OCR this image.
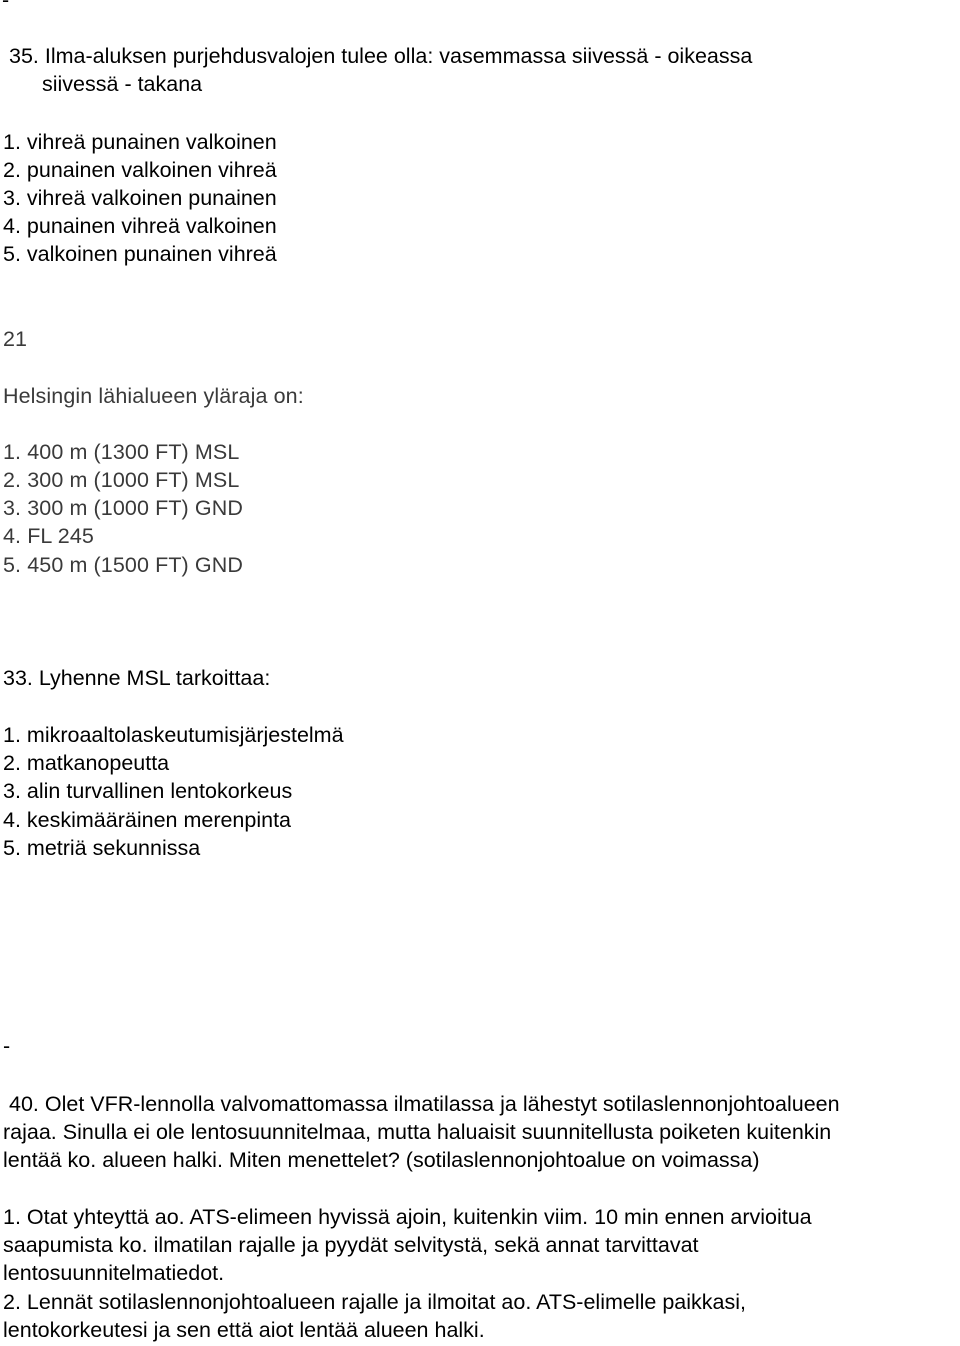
-
35. Ilma-aluksen purjehdusvalojen tulee olla: vasemmassa siivessä - oikeassa
siivessä - takana
1. vihreä punainen valkoinen
2. punainen valkoinen vihreä
3. vihreä valkoinen punainen
4. punainen vihreä valkoinen
5. valkoinen punainen vihreä
21
Helsingin lähialueen yläraja on:
1. 400 m (1300 FT) MSL
2. 300 m (1000 FT) MSL
3. 300 m (1000 FT) GND
4. FL 245
5. 450 m (1500 FT) GND
33. Lyhenne MSL tarkoittaa:
1. mikroaaltolaskeutumisjärjestelmä
2. matkanopeutta
3. alin turvallinen lentokorkeus
4. keskimääräinen merenpinta
5. metriä sekunnissa
-
40. Olet VFR-lennolla valvomattomassa ilmatilassa ja lähestyt sotilaslennonjohtoalueen
rajaa. Sinulla ei ole lentosuunnitelmaa, mutta haluaisit suunnitellusta poiketen kuitenkin
lentää ko. alueen halki. Miten menettelet? (sotilaslennonjohtoalue on voimassa)
1. Otat yhteyttä ao. ATS-elimeen hyvissä ajoin, kuitenkin viim. 10 min ennen arvioitua
saapumista ko. ilmatilan rajalle ja pyydät selvitystä, sekä annat tarvittavat
lentosuunnitelmatiedot.
2. Lennät sotilaslennonjohtoalueen rajalle ja ilmoitat ao. ATS-elimelle paikkasi,
lentokorkeutesi ja sen että aiot lentää alueen halki.
